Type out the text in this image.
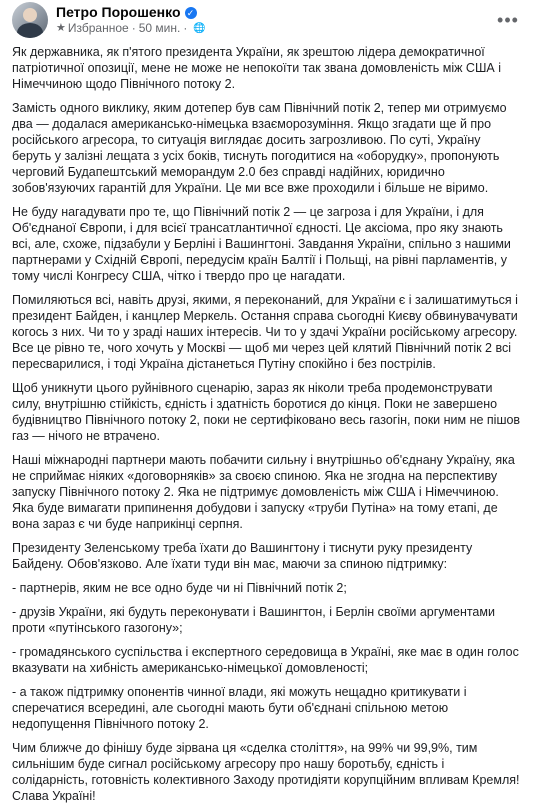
Петро Порошенко ✓
★ Избранное · 50 мин. · 🌐	•••

Як державника, як п'ятого президента України, як зрештою лідера демократичної патріотичної опозиції, мене не може не непокоїти так звана домовленість між США і Німеччиною щодо Північного потоку 2.

Замість одного виклику, яким дотепер був сам Північний потік 2, тепер ми отримуємо два — додалася американсько-німецька взаєморозуміння. Якщо згадати ще й про російського агресора, то ситуація виглядає досить загрозливою. По суті, Україну беруть у залізні лещата з усіх боків, тиснуть погодитися на «оборудку», пропонують черговий Будапештський меморандум 2.0 без справді надійних, юридично зобов'язуючих гарантій для України. Це ми все вже проходили і більше не віримо.

Не буду нагадувати про те, що Північний потік 2 — це загроза і для України, і для Об'єднаної Європи, і для всієї трансатлантичної єдності. Це аксіома, про яку знають всі, але, схоже, підзабули у Берліні і Вашингтоні. Завдання України, спільно з нашими партнерами у Східній Європі, передусім країн Балтії і Польщі, на рівні парламентів, у тому числі Конгресу США, чітко і твердо про це нагадати.

Помиляються всі, навіть друзі, якими, я переконаний, для України є і залишатимуться і президент Байден, і канцлер Меркель. Остання справа сьогодні Києву обвинувачувати когось з них. Чи то у зраді наших інтересів. Чи то у здачі України російському агресору. Все це рівно те, чого хочуть у Москві — щоб ми через цей клятий Північний потік 2 всі пересварилися, і тоді Україна дістанеться Путіну спокійно і без пострілів.

Щоб уникнути цього руйнівного сценарію, зараз як ніколи треба продемонструвати силу, внутрішню стійкість, єдність і здатність боротися до кінця. Поки не завершено будівництво Північного потоку 2, поки не сертифіковано весь газогін, поки ним не пішов газ — нічого не втрачено.

Наші міжнародні партнери мають побачити сильну і внутрішньо об'єднану Україну, яка не сприймає ніяких «договорняків» за своєю спиною. Яка не згодна на перспективу запуску Північного потоку 2. Яка не підтримує домовленість між США і Німеччиною. Яка буде вимагати припинення добудови і запуску «труби Путіна» на тому етапі, де вона зараз є чи буде наприкінці серпня.

Президенту Зеленському треба їхати до Вашингтону і тиснути руку президенту Байдену. Обов'язково. Але їхати туди він має, маючи за спиною підтримку:

- партнерів, яким не все одно буде чи ні Північний потік 2;

- друзів України, які будуть переконувати і Вашингтон, і Берлін своїми аргументами проти «путінського газогону»;

- громадянського суспільства і експертного середовища в Україні, яке має в один голос вказувати на хибність американсько-німецької домовленості;

- а також підтримку опонентів чинної влади, які можуть нещадно критикувати і сперечатися всередині, але сьогодні мають бути об'єднані спільною метою недопущення Північного потоку 2.

Чим ближче до фінішу буде зірвана ця «сделка століття», на 99% чи 99,9%, тим сильнішим буде сигнал російському агресору про нашу боротьбу, єдність і солідарність, готовність колективного Заходу протидіяти корупційним впливам Кремля! Слава Україні!
